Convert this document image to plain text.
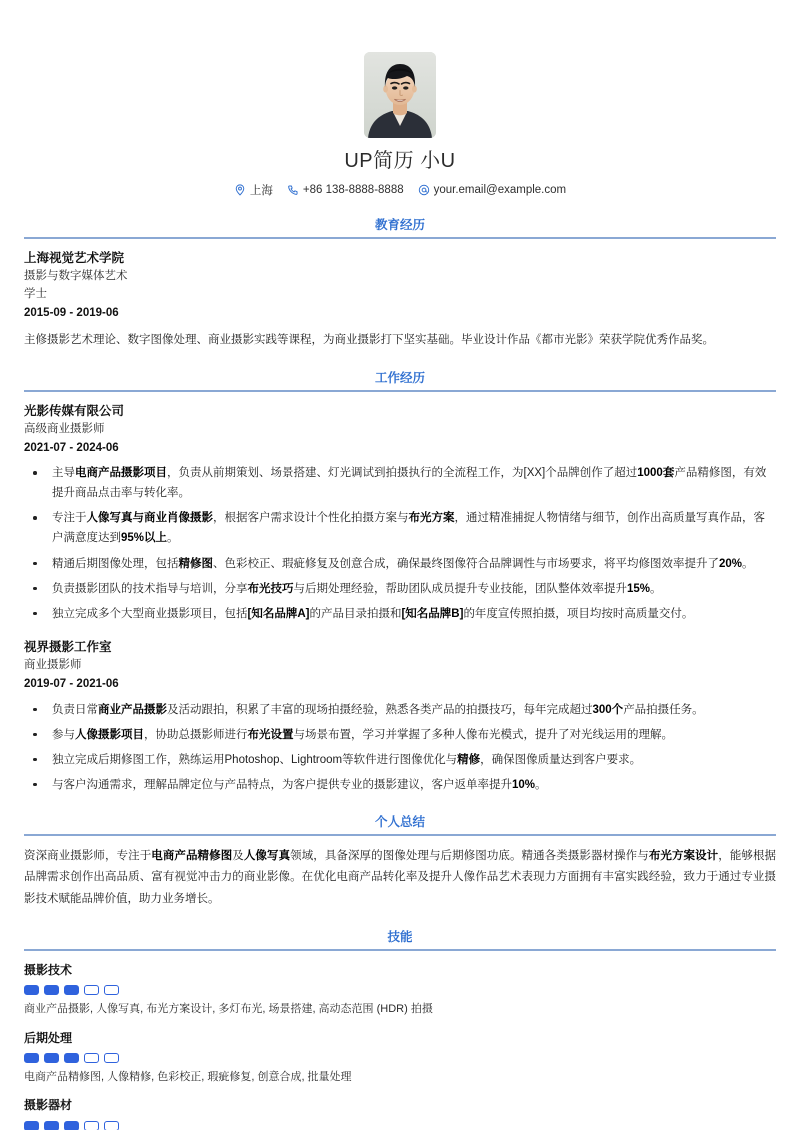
UP简历 小U
上海	+86 138-8888-8888	your.email@example.com
教育经历
上海视觉艺术学院
摄影与数字媒体艺术
学士
2015-09 - 2019-06
主修摄影艺术理论、数字图像处理、商业摄影实践等课程，为商业摄影打下坚实基础。毕业设计作品《都市光影》荣获学院优秀作品奖。
工作经历
光影传媒有限公司
高级商业摄影师
2021-07 - 2024-06
主导电商产品摄影项目，负责从前期策划、场景搭建、灯光调试到拍摄执行的全流程工作，为[XX]个品牌创作了超过1000套产品精修图，有效提升商品点击率与转化率。
专注于人像写真与商业肖像摄影，根据客户需求设计个性化拍摄方案与布光方案，通过精准捕捉人物情绪与细节，创作出高质量写真作品，客户满意度达到95%以上。
精通后期图像处理，包括精修图、色彩校正、瑕疵修复及创意合成，确保最终图像符合品牌调性与市场要求，将平均修图效率提升了20%。
负责摄影团队的技术指导与培训，分享布光技巧与后期处理经验，帮助团队成员提升专业技能，团队整体效率提升15%。
独立完成多个大型商业摄影项目，包括[知名品牌A]的产品目录拍摄和[知名品牌B]的年度宣传照拍摄，项目均按时高质量交付。
视界摄影工作室
商业摄影师
2019-07 - 2021-06
负责日常商业产品摄影及活动跟拍，积累了丰富的现场拍摄经验，熟悉各类产品的拍摄技巧，每年完成超过300个产品拍摄任务。
参与人像摄影项目，协助总摄影师进行布光设置与场景布置，学习并掌握了多种人像布光模式，提升了对光线运用的理解。
独立完成后期修图工作，熟练运用Photoshop、Lightroom等软件进行图像优化与精修，确保图像质量达到客户要求。
与客户沟通需求，理解品牌定位与产品特点，为客户提供专业的摄影建议，客户返单率提升10%。
个人总结
资深商业摄影师，专注于电商产品精修图及人像写真领域，具备深厚的图像处理与后期修图功底。精通各类摄影器材操作与布光方案设计，能够根据品牌需求创作出高品质、富有视觉冲击力的商业影像。在优化电商产品转化率及提升人像作品艺术表现力方面拥有丰富实践经验，致力于通过专业摄影技术赋能品牌价值，助力业务增长。
技能
摄影技术
商业产品摄影, 人像写真, 布光方案设计, 多灯布光, 场景搭建, 高动态范围 (HDR) 拍摄
后期处理
电商产品精修图, 人像精修, 色彩校正, 瑕疵修复, 创意合成, 批量处理
摄影器材
